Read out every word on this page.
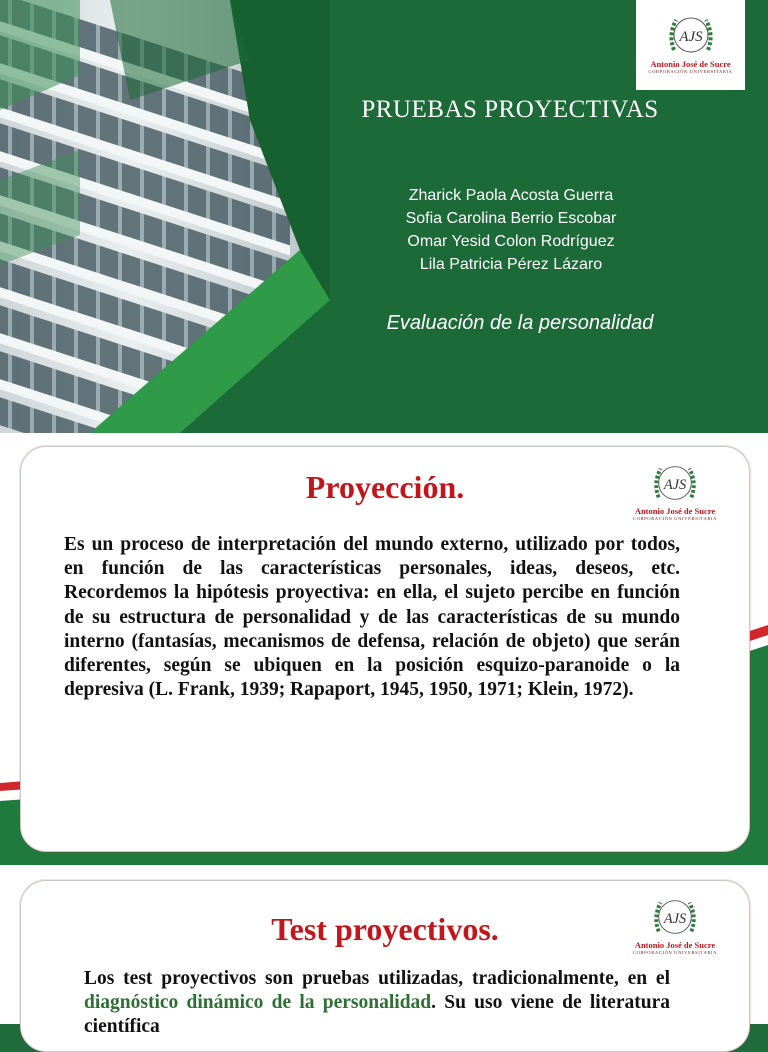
PRUEBAS PROYECTIVAS
Zharick Paola Acosta Guerra
Sofia Carolina Berrio Escobar
Omar Yesid Colon Rodríguez
Lila Patricia Pérez Lázaro
Evaluación de la personalidad
AJS
Antonio José de Sucre
CORPORACIÓN UNIVERSITARIA
Proyección.	AJS
Antonio José de Sucre
CORPORACIÓN UNIVERSITARIA
Es un proceso de interpretación del mundo externo, utilizado por todos, en función de las características personales, ideas, deseos, etc. Recordemos la hipótesis proyectiva: en ella, el sujeto percibe en función de su estructura de personalidad y de las características de su mundo interno (fantasías, mecanismos de defensa, relación de objeto) que serán diferentes, según se ubiquen en la posición esquizo-paranoide o la depresiva (L. Frank, 1939; Rapaport, 1945, 1950, 1971; Klein, 1972).
Test proyectivos.	AJS
Antonio José de Sucre
CORPORACIÓN UNIVERSITARIA
Los test proyectivos son pruebas utilizadas, tradicionalmente, en el diagnóstico dinámico de la personalidad. Su uso viene de literatura científica
